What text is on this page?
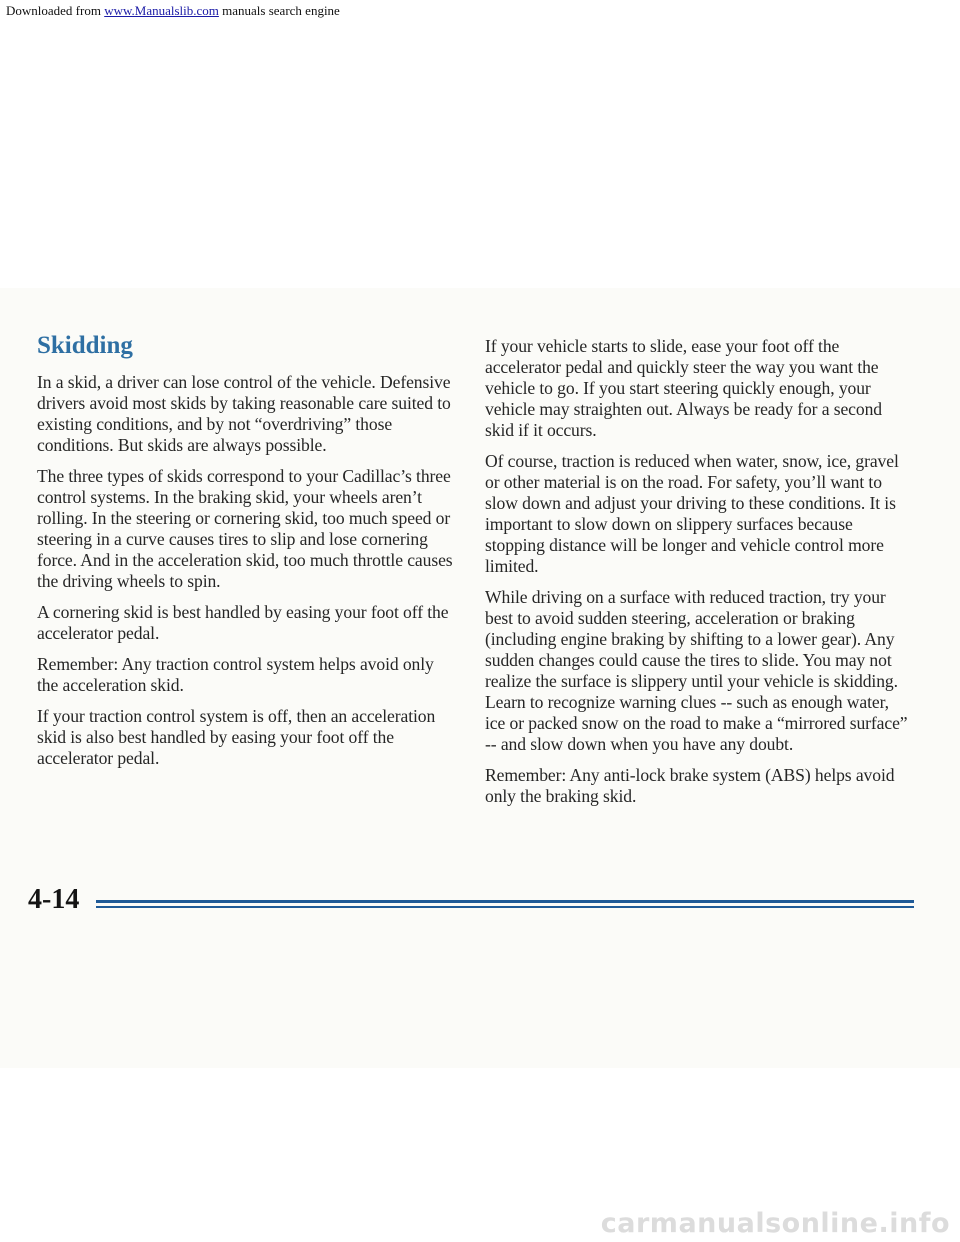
Downloaded from www.Manualslib.com manuals search engine
Skidding

In a skid, a driver can lose control of the vehicle. Defensive drivers avoid most skids by taking reasonable care suited to existing conditions, and by not “overdriving” those conditions. But skids are always possible.

The three types of skids correspond to your Cadillac’s three control systems. In the braking skid, your wheels aren’t rolling. In the steering or cornering skid, too much speed or steering in a curve causes tires to slip and lose cornering force. And in the acceleration skid, too much throttle causes the driving wheels to spin.

A cornering skid is best handled by easing your foot off the accelerator pedal.

Remember: Any traction control system helps avoid only the acceleration skid.

If your traction control system is off, then an acceleration skid is also best handled by easing your foot off the accelerator pedal.

If your vehicle starts to slide, ease your foot off the accelerator pedal and quickly steer the way you want the vehicle to go. If you start steering quickly enough, your vehicle may straighten out. Always be ready for a second skid if it occurs.

Of course, traction is reduced when water, snow, ice, gravel or other material is on the road. For safety, you’ll want to slow down and adjust your driving to these conditions. It is important to slow down on slippery surfaces because stopping distance will be longer and vehicle control more limited.

While driving on a surface with reduced traction, try your best to avoid sudden steering, acceleration or braking (including engine braking by shifting to a lower gear). Any sudden changes could cause the tires to slide. You may not realize the surface is slippery until your vehicle is skidding. Learn to recognize warning clues -- such as enough water, ice or packed snow on the road to make a “mirrored surface” -- and slow down when you have any doubt.

Remember: Any anti-lock brake system (ABS) helps avoid only the braking skid.

4-14
carmanualsonline.info
